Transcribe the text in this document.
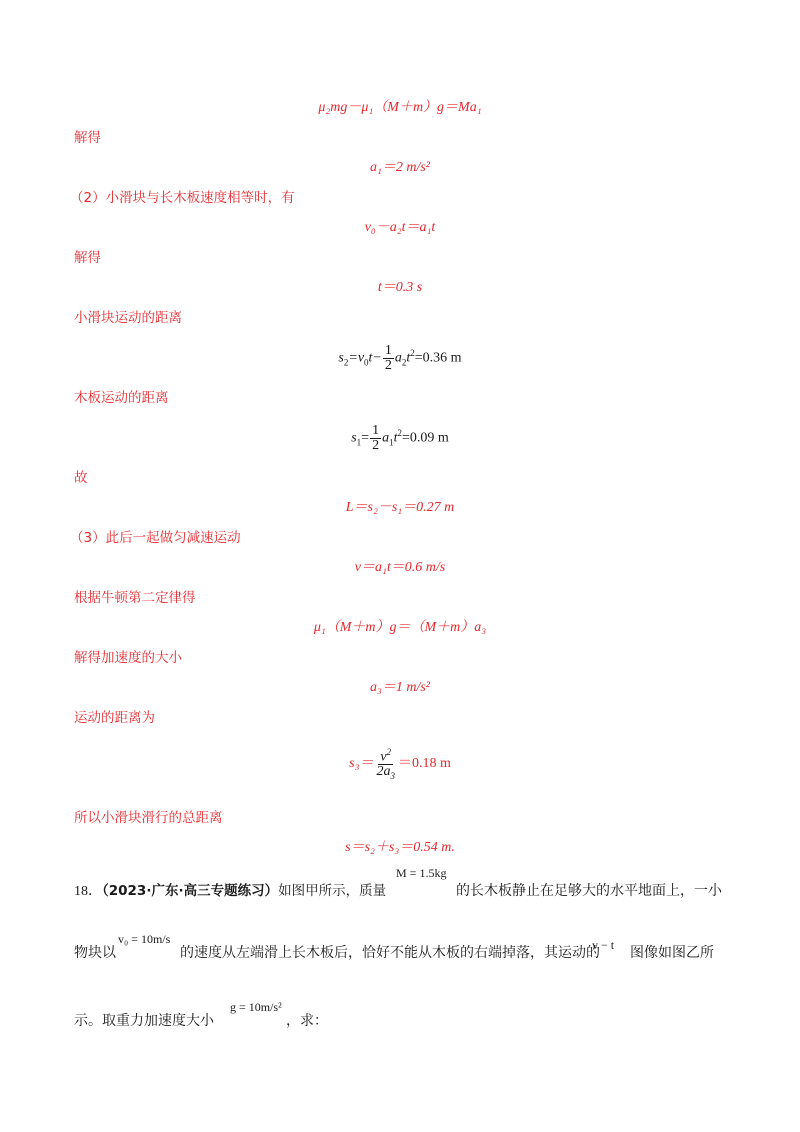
μ₂mg－μ₁（M＋m）g＝Ma₁
解得
a₁＝2 m/s²
（2）小滑块与长木板速度相等时，有
v₀－a₂t＝a₁t
解得
t＝0.3 s
小滑块运动的距离
$s_2=v_0t- \frac{1}{2} a_2t^2=0.36$ m
木板运动的距离
$s_1= \frac{1}{2} a_1t^2=0.09$ m
故
L＝s₂－s₁＝0.27 m
（3）此后一起做匀减速运动
v＝a₁t＝0.6 m/s
根据牛顿第二定律得
μ₁（M＋m）g＝（M＋m）a₃
解得加速度的大小
a₃＝1 m/s²
运动的距离为
$s_3= \frac{v^2}{2a_3} =0.18$ m
所以小滑块滑行的总距离
s＝s₂＋s₃＝0.54 m.
M = 1.5kg
18．（2023·广东·高三专题练习）如图甲所示，质量	的长木板静止在足够大的水平地面上，一小
v₀ = 10m/s
物块以	的速度从左端滑上长木板后，恰好不能从木板的右端掉落，其运动的
v − t 图像如图乙所
g = 10m/s²
示。取重力加速度大小	，求：
